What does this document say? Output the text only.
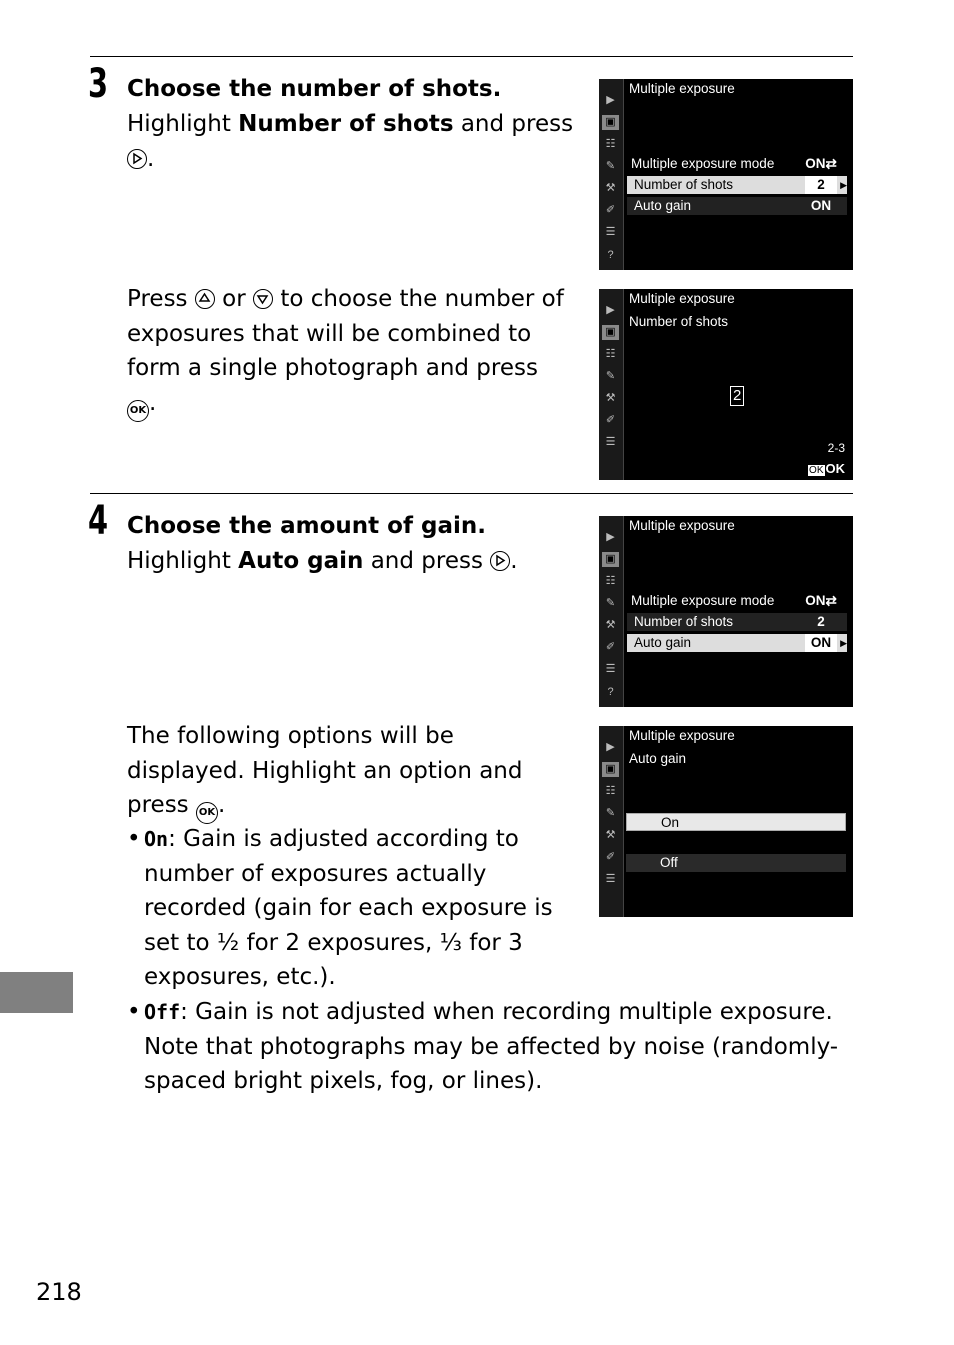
3 Choose the number of shots.
Highlight Number of shots and press

.
Press or to choose the number of
exposures that will be combined to
form a single photograph and press
OK .
▶
▣
☷
✎
⚒
✐
☰
?
Multiple exposure
Multiple exposure mode ON⇄
Number of shots	2	▶
Auto gain	ON
▶
▣
☷
✎
⚒
✐
☰
Multiple exposure
Number of shots
2
2-3
OK OK
4 Choose the amount of gain.
Highlight Auto gain and press .
The following options will be
displayed. Highlight an option and
press OK .
• On: Gain is adjusted according to
number of exposures actually
recorded (gain for each exposure is
set to ½ for 2 exposures, ⅓ for 3
exposures, etc.).
• Off: Gain is not adjusted when recording multiple exposure.
Note that photographs may be affected by noise (randomly-
spaced bright pixels, fog, or lines).
▶
▣
☷
✎
⚒
✐
☰
?
Multiple exposure
Multiple exposure mode ON⇄
Number of shots	2
Auto gain	ON ▶
▶
▣
☷
✎
⚒
✐
☰
Multiple exposure
Auto gain
On
Off
218
